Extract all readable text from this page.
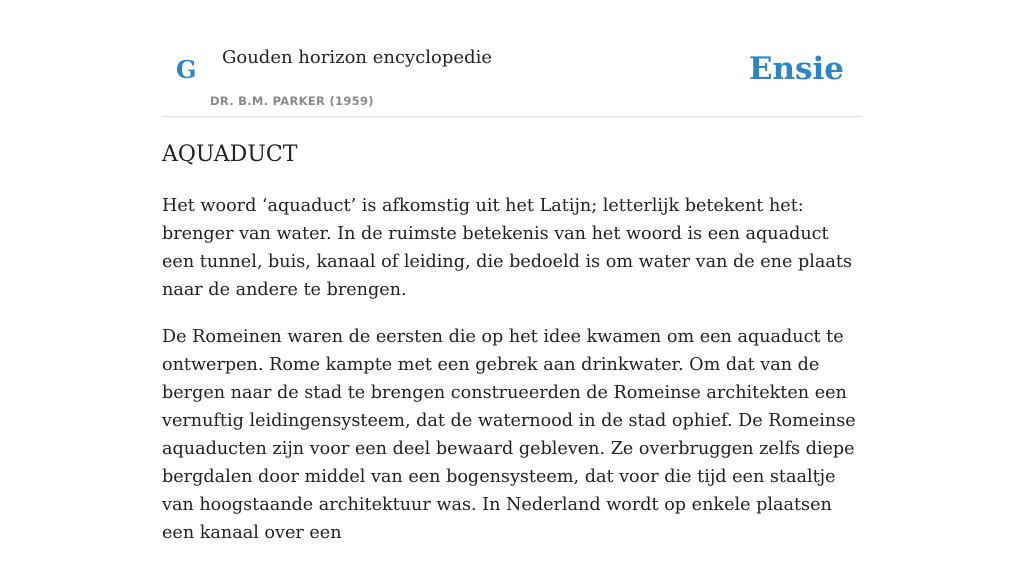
G Gouden horizon encyclopedie
DR. B.M. PARKER (1959)
Ensie
AQUADUCT

Het woord ‘aquaduct’ is afkomstig uit het Latijn; letterlijk betekent het: brenger van water. In de ruimste betekenis van het woord is een aquaduct een tunnel, buis, kanaal of leiding, die bedoeld is om water van de ene plaats naar de andere te brengen.

De Romeinen waren de eersten die op het idee kwamen om een aquaduct te ontwerpen. Rome kampte met een gebrek aan drinkwater. Om dat van de bergen naar de stad te brengen construeerden de Romeinse architekten een vernuftig leidingensysteem, dat de waternood in de stad ophief. De Romeinse aquaducten zijn voor een deel bewaard gebleven. Ze overbruggen zelfs diepe bergdalen door middel van een bogensysteem, dat voor die tijd een staaltje van hoogstaande architektuur was. In Nederland wordt op enkele plaatsen een kanaal over een
